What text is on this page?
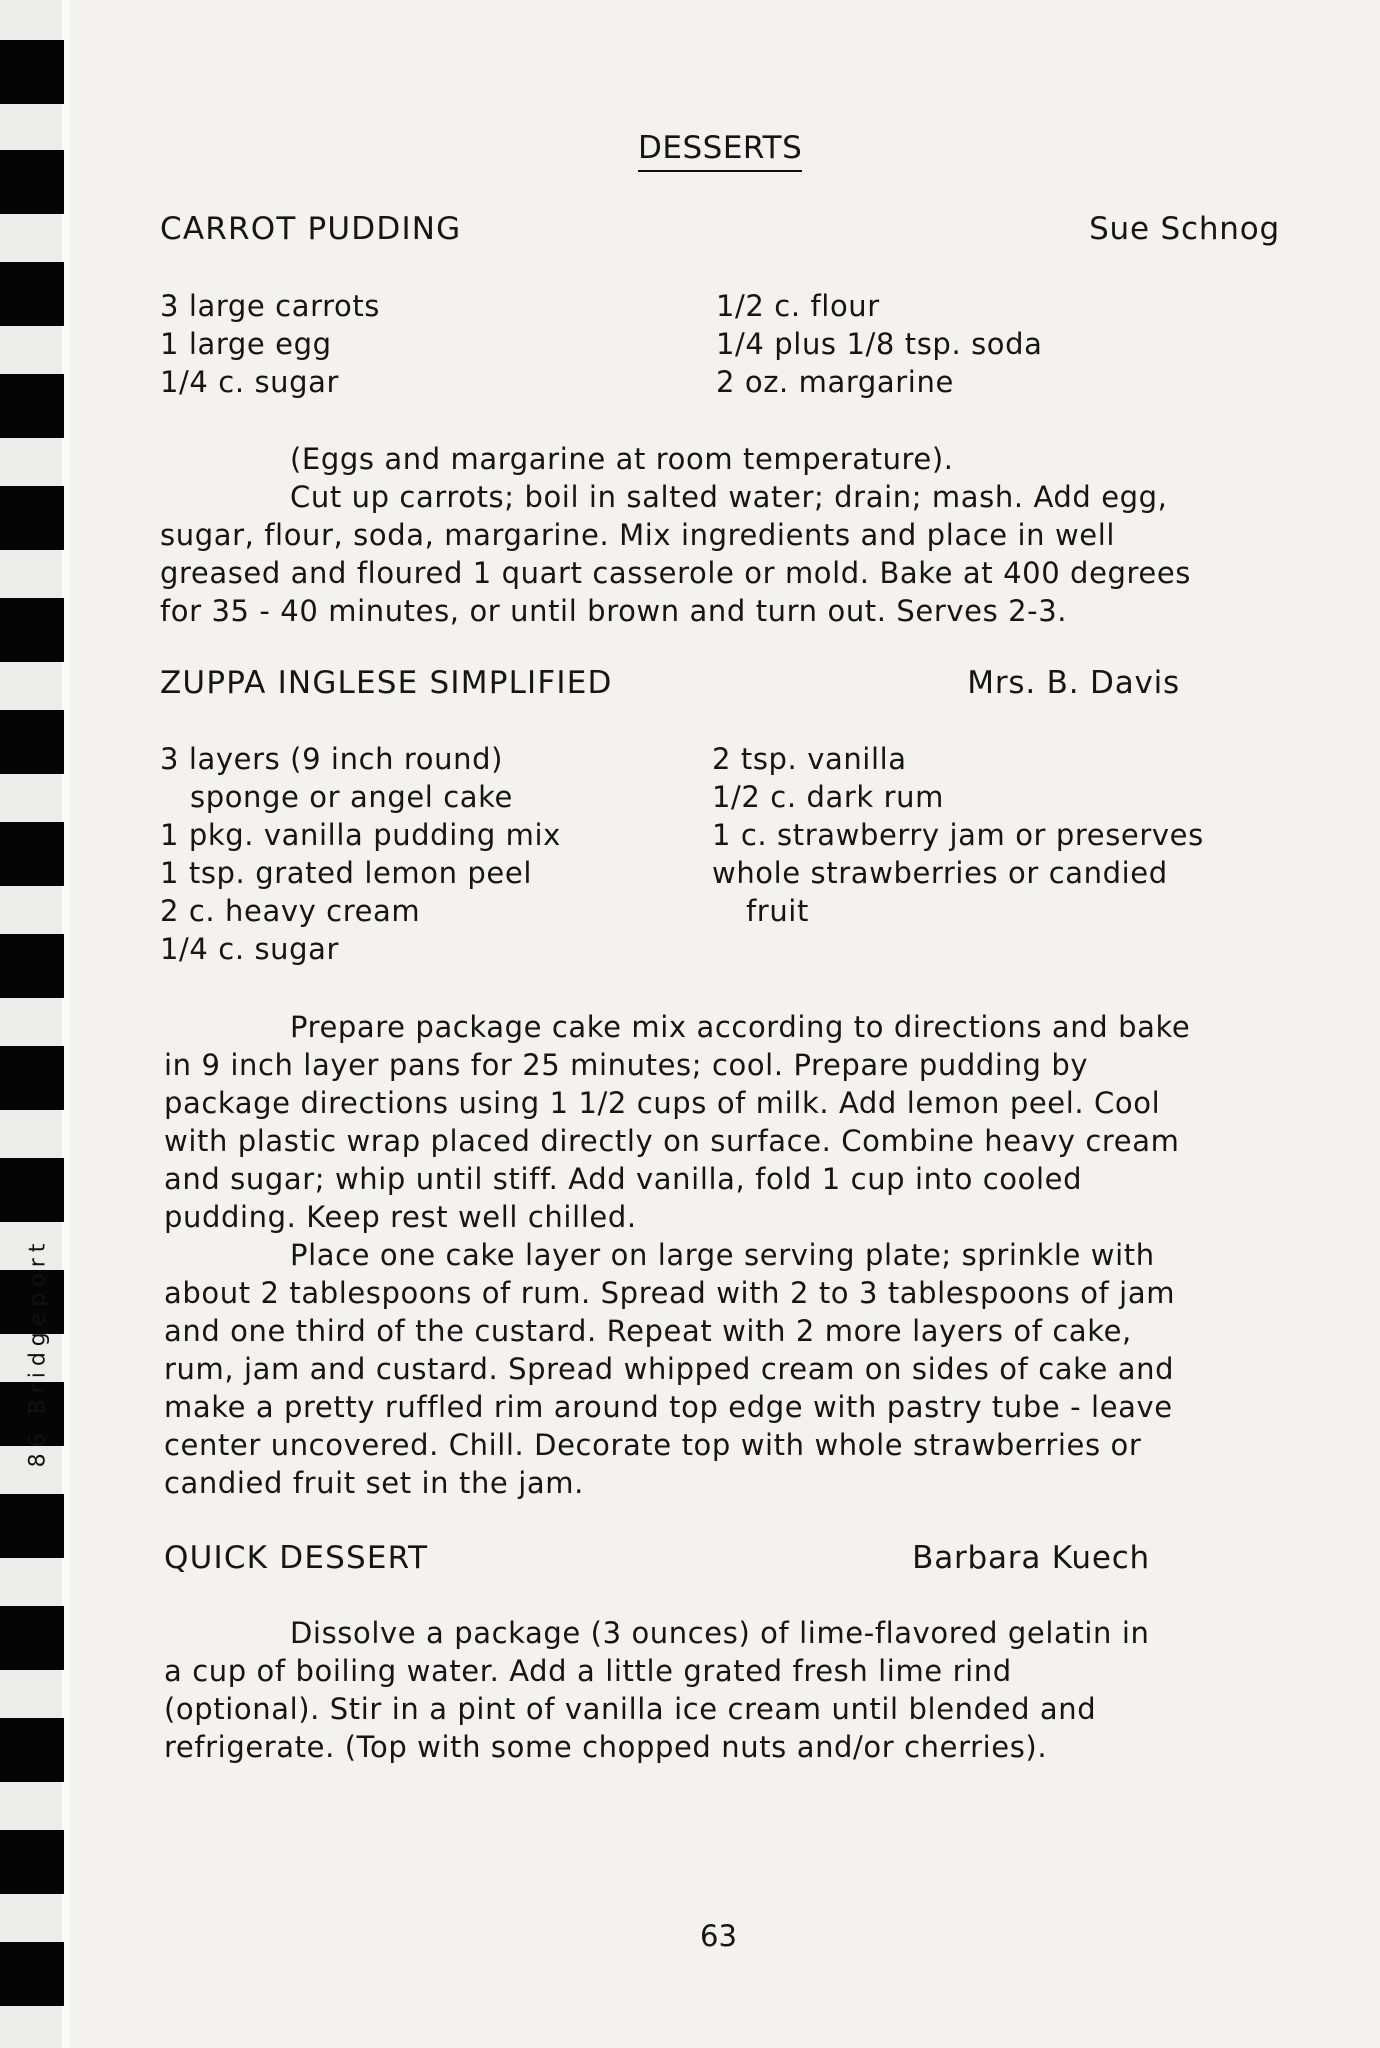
86 Bridgeport
DESSERTS
CARROT PUDDING	Sue Schnog
3 large carrots
1 large egg
1/4 c. sugar
1/2 c. flour
1/4 plus 1/8 tsp. soda
2 oz. margarine
(Eggs and margarine at room temperature).
Cut up carrots; boil in salted water; drain; mash. Add egg,
sugar, flour, soda, margarine. Mix ingredients and place in well
greased and floured 1 quart casserole or mold. Bake at 400 degrees
for 35 - 40 minutes, or until brown and turn out. Serves 2-3.
ZUPPA INGLESE SIMPLIFIED	Mrs. B. Davis
3 layers (9 inch round)
sponge or angel cake
1 pkg. vanilla pudding mix
1 tsp. grated lemon peel
2 c. heavy cream
1/4 c. sugar
2 tsp. vanilla
1/2 c. dark rum
1 c. strawberry jam or preserves
whole strawberries or candied
fruit
Prepare package cake mix according to directions and bake
in 9 inch layer pans for 25 minutes; cool. Prepare pudding by
package directions using 1 1/2 cups of milk. Add lemon peel. Cool
with plastic wrap placed directly on surface. Combine heavy cream
and sugar; whip until stiff. Add vanilla, fold 1 cup into cooled
pudding. Keep rest well chilled.
Place one cake layer on large serving plate; sprinkle with
about 2 tablespoons of rum. Spread with 2 to 3 tablespoons of jam
and one third of the custard. Repeat with 2 more layers of cake,
rum, jam and custard. Spread whipped cream on sides of cake and
make a pretty ruffled rim around top edge with pastry tube - leave
center uncovered. Chill. Decorate top with whole strawberries or
candied fruit set in the jam.
QUICK DESSERT	Barbara Kuech
Dissolve a package (3 ounces) of lime-flavored gelatin in
a cup of boiling water. Add a little grated fresh lime rind
(optional). Stir in a pint of vanilla ice cream until blended and
refrigerate. (Top with some chopped nuts and/or cherries).
63
